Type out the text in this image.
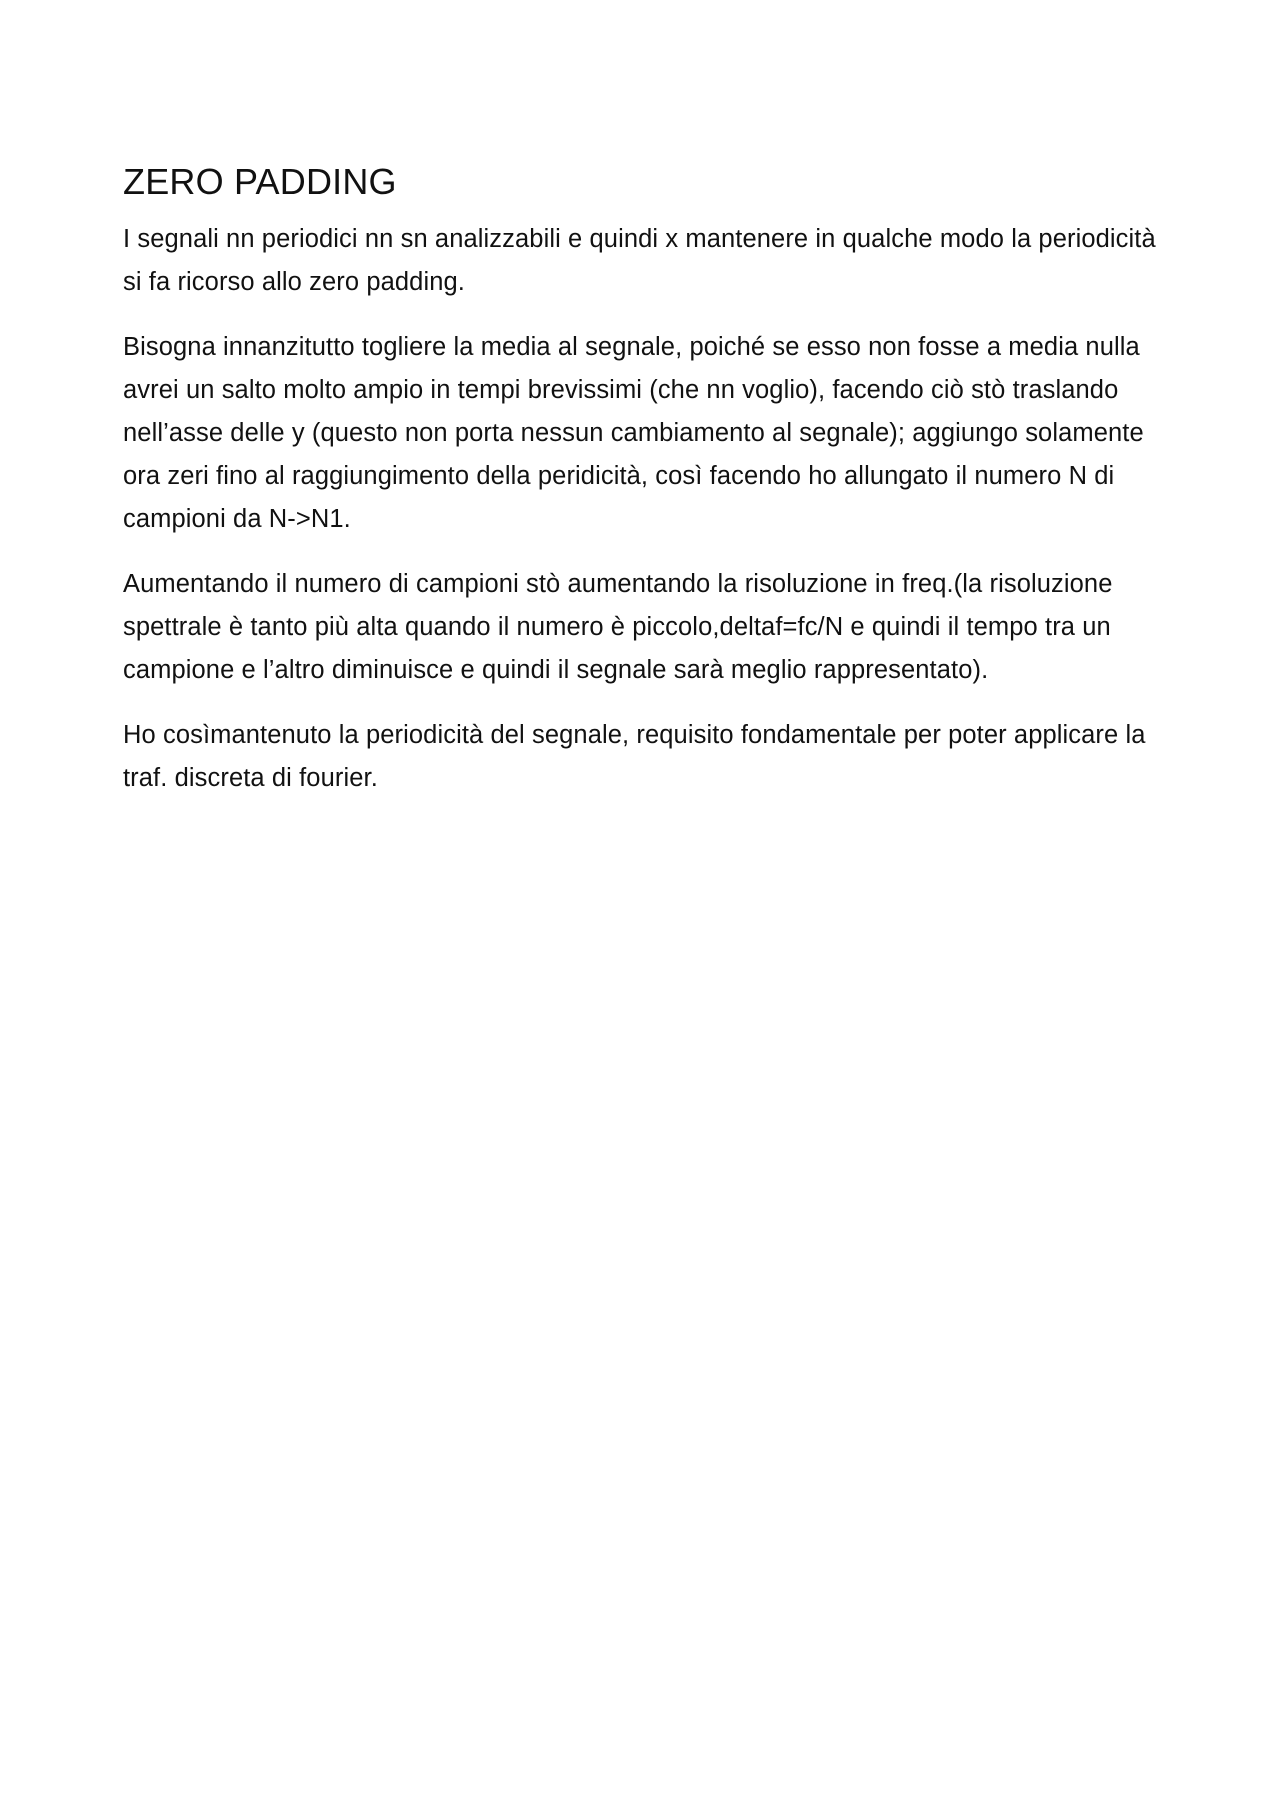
ZERO PADDING

I segnali nn periodici nn sn analizzabili e quindi x mantenere in qualche modo la periodicità si fa ricorso allo zero padding.

Bisogna innanzitutto togliere la media al segnale, poiché se esso non fosse a media nulla avrei un salto molto ampio in tempi brevissimi (che nn voglio), facendo ciò stò traslando nell’asse delle y (questo non porta nessun cambiamento al segnale); aggiungo solamente ora zeri fino al raggiungimento della peridicità, così facendo ho allungato il numero N di campioni da N->N1.

Aumentando il numero di campioni stò aumentando la risoluzione in freq.(la risoluzione spettrale è tanto più alta quando il numero è piccolo,deltaf=fc/N e quindi il tempo tra un campione e l’altro diminuisce e quindi il segnale sarà meglio rappresentato).

Ho cosìmantenuto la periodicità del segnale, requisito fondamentale per poter applicare la traf. discreta di fourier.
